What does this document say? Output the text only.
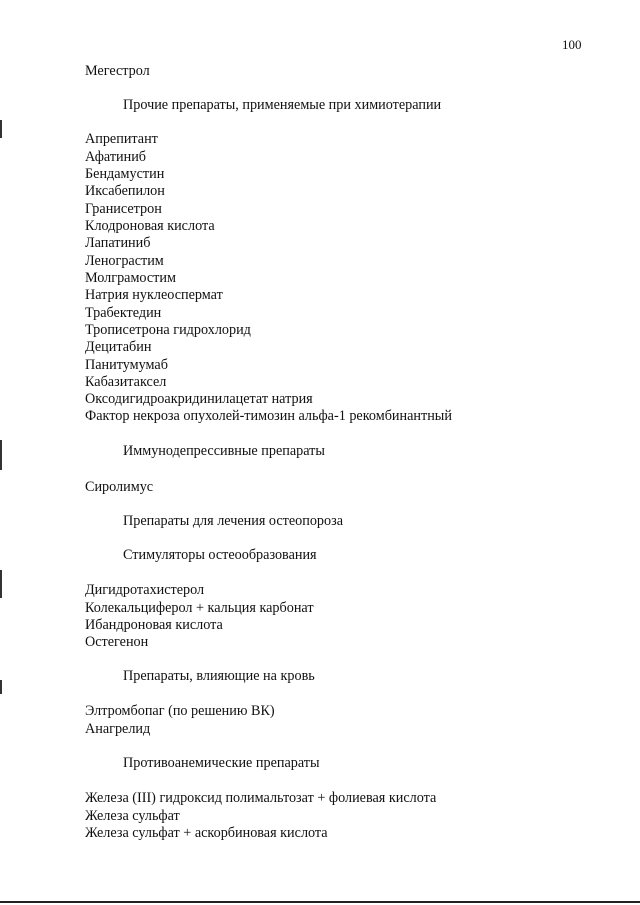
100
Мегестрол
Прочие препараты, применяемые при химиотерапии
Апрепитант
Афатиниб
Бендамустин
Иксабепилон
Гранисетрон
Клодроновая кислота
Лапатиниб
Ленограстим
Молграмостим
Натрия нуклеоспермат
Трабектедин
Трописетрона гидрохлорид
Децитабин
Панитумумаб
Кабазитаксел
Оксодигидроакридинилацетат натрия
Фактор некроза опухолей-тимозин альфа-1 рекомбинантный
Иммунодепрессивные препараты
Сиролимус
Препараты для лечения остеопороза
Стимуляторы остеообразования
Дигидротахистерол
Колекальциферол + кальция карбонат
Ибандроновая кислота
Остегенон
Препараты, влияющие на кровь
Элтромбопаг (по решению ВК)
Анагрелид
Противоанемические препараты
Железа (III) гидроксид полимальтозат + фолиевая кислота
Железа сульфат
Железа сульфат + аскорбиновая кислота
